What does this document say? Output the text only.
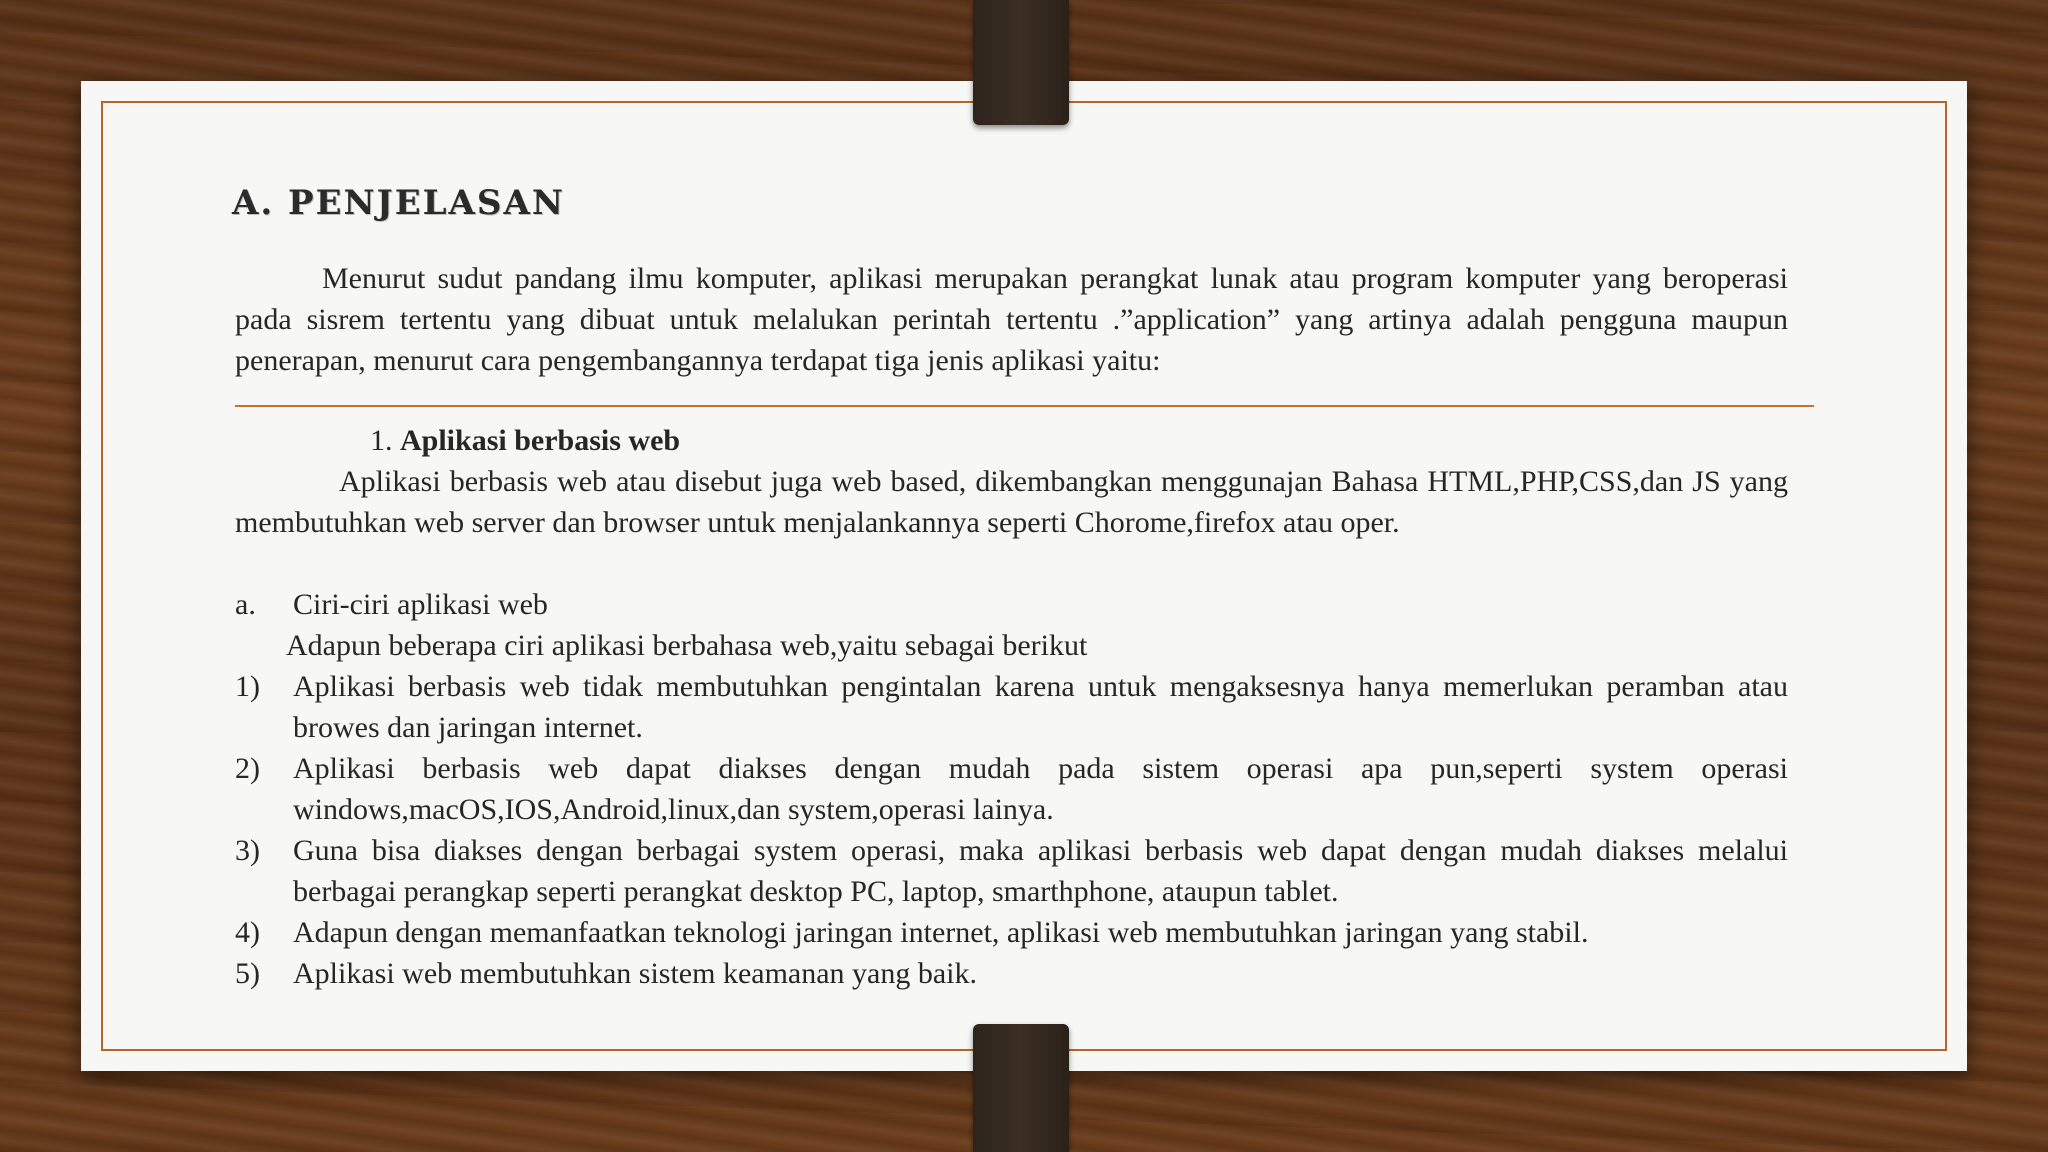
A. PENJELASAN
Menurut sudut pandang ilmu komputer, aplikasi merupakan perangkat lunak atau program komputer yang beroperasi pada sisrem tertentu yang dibuat untuk melalukan perintah tertentu .”application” yang artinya adalah pengguna maupun penerapan, menurut cara pengembangannya terdapat tiga jenis aplikasi yaitu:
1. Aplikasi berbasis web
Aplikasi berbasis web atau disebut juga web based, dikembangkan menggunajan Bahasa HTML,PHP,CSS,dan JS yang membutuhkan web server dan browser untuk menjalankannya seperti Chorome,firefox atau oper.
a.	Ciri-ciri aplikasi web
Adapun beberapa ciri aplikasi berbahasa web,yaitu sebagai berikut
1)	Aplikasi berbasis web tidak membutuhkan pengintalan karena untuk mengaksesnya hanya memerlukan peramban atau browes dan jaringan internet.
2)	Aplikasi berbasis web dapat diakses dengan mudah pada sistem operasi apa pun,seperti system operasi windows,macOS,IOS,Android,linux,dan system,operasi lainya.
3)	Guna bisa diakses dengan berbagai system operasi, maka aplikasi berbasis web dapat dengan mudah diakses melalui berbagai perangkap seperti perangkat desktop PC, laptop, smarthphone, ataupun tablet.
4)	Adapun dengan memanfaatkan teknologi jaringan internet, aplikasi web membutuhkan jaringan yang stabil.
5)	Aplikasi web membutuhkan sistem keamanan yang baik.
